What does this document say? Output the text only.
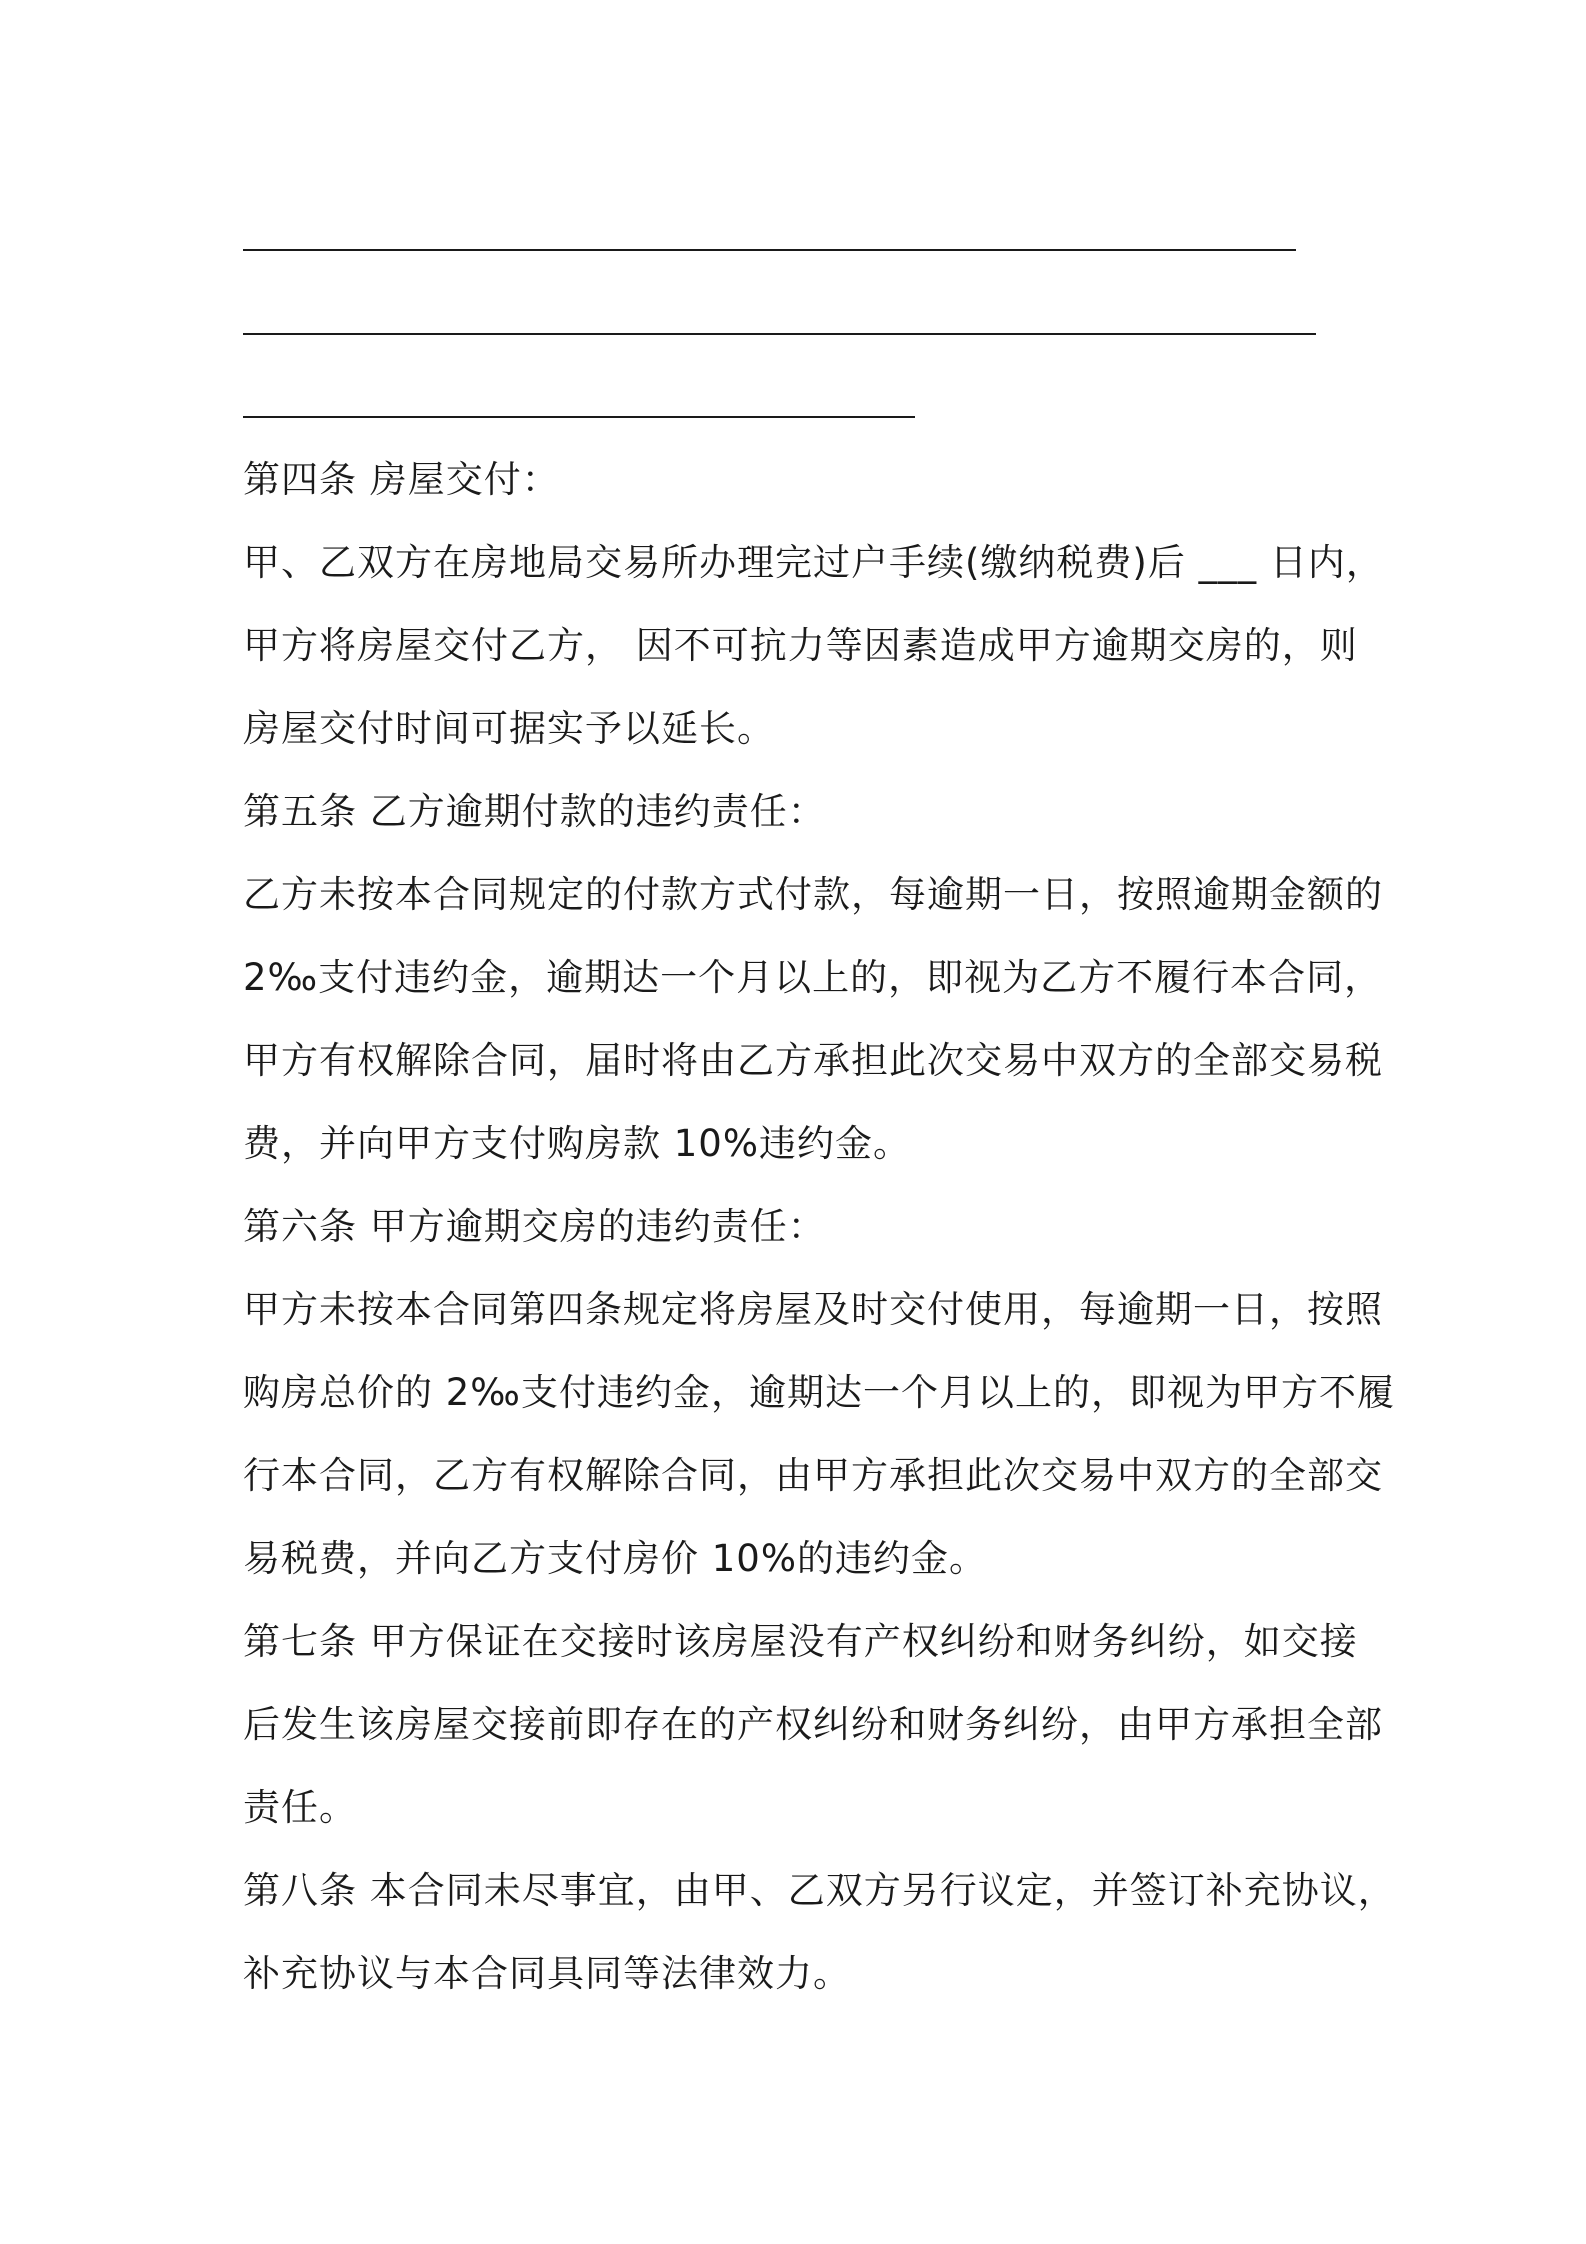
第四条 房屋交付：
甲、乙双方在房地局交易所办理完过户手续(缴纳税费)后 ___ 日内，
甲方将房屋交付乙方， 因不可抗力等因素造成甲方逾期交房的，则
房屋交付时间可据实予以延长。
第五条 乙方逾期付款的违约责任：
乙方未按本合同规定的付款方式付款，每逾期一日，按照逾期金额的
2‰支付违约金，逾期达一个月以上的，即视为乙方不履行本合同，
甲方有权解除合同，届时将由乙方承担此次交易中双方的全部交易税
费，并向甲方支付购房款 10%违约金。
第六条 甲方逾期交房的违约责任：
甲方未按本合同第四条规定将房屋及时交付使用，每逾期一日，按照
购房总价的 2‰支付违约金，逾期达一个月以上的，即视为甲方不履
行本合同，乙方有权解除合同，由甲方承担此次交易中双方的全部交
易税费，并向乙方支付房价 10%的违约金。
第七条 甲方保证在交接时该房屋没有产权纠纷和财务纠纷，如交接
后发生该房屋交接前即存在的产权纠纷和财务纠纷，由甲方承担全部
责任。
第八条 本合同未尽事宜，由甲、乙双方另行议定，并签订补充协议，
补充协议与本合同具同等法律效力。
